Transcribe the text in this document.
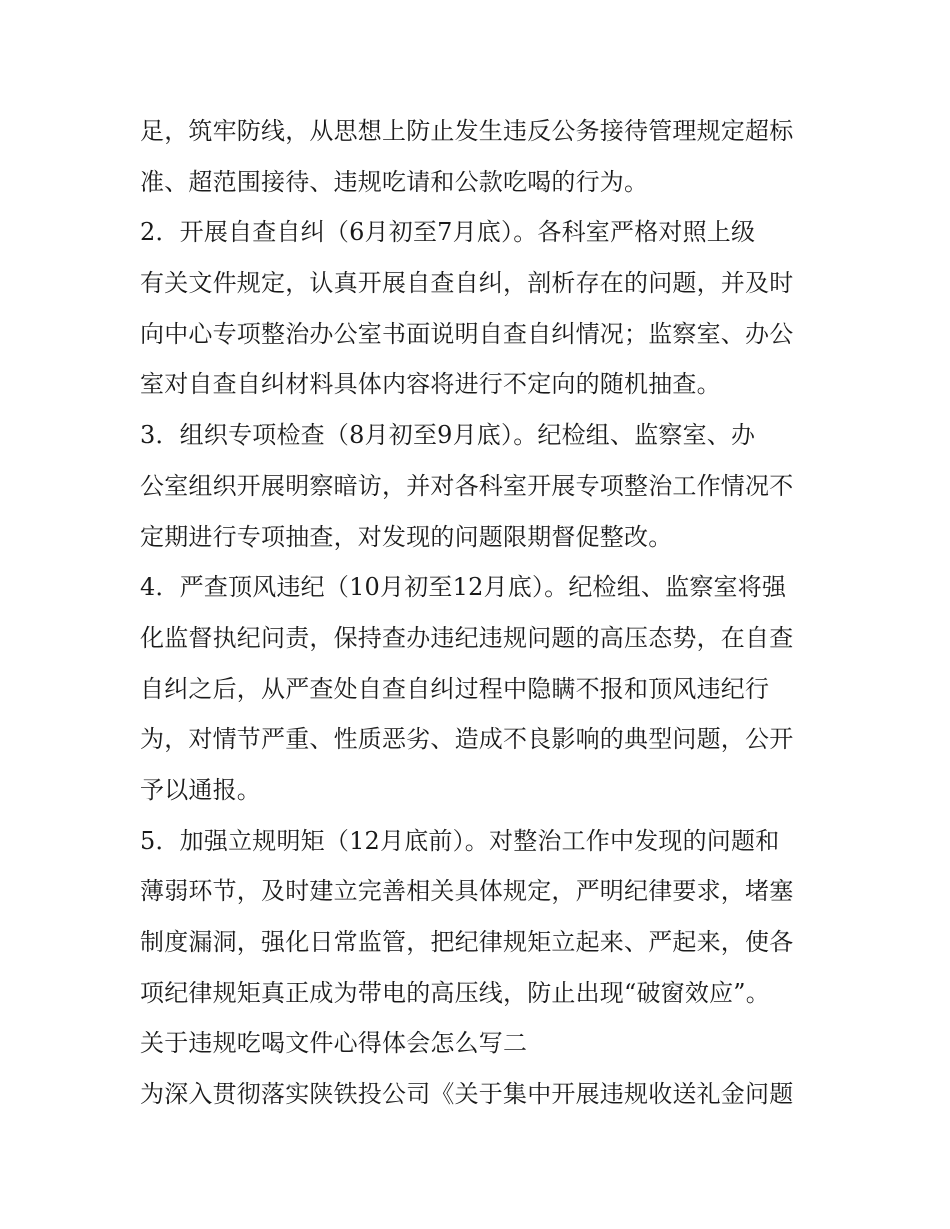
足，筑牢防线，从思想上防止发生违反公务接待管理规定超标
准、超范围接待、违规吃请和公款吃喝的行为。
2．开展自查自纠（6月初至7月底）。各科室严格对照上级
有关文件规定，认真开展自查自纠，剖析存在的问题，并及时
向中心专项整治办公室书面说明自查自纠情况；监察室、办公
室对自查自纠材料具体内容将进行不定向的随机抽查。
3．组织专项检查（8月初至9月底）。纪检组、监察室、办
公室组织开展明察暗访，并对各科室开展专项整治工作情况不
定期进行专项抽查，对发现的问题限期督促整改。
4．严查顶风违纪（10月初至12月底）。纪检组、监察室将强
化监督执纪问责，保持查办违纪违规问题的高压态势，在自查
自纠之后，从严查处自查自纠过程中隐瞒不报和顶风违纪行
为，对情节严重、性质恶劣、造成不良影响的典型问题，公开
予以通报。
5．加强立规明矩（12月底前）。对整治工作中发现的问题和
薄弱环节，及时建立完善相关具体规定，严明纪律要求，堵塞
制度漏洞，强化日常监管，把纪律规矩立起来、严起来，使各
项纪律规矩真正成为带电的高压线，防止出现“破窗效应”。
关于违规吃喝文件心得体会怎么写二
为深入贯彻落实陕铁投公司《关于集中开展违规收送礼金问题
